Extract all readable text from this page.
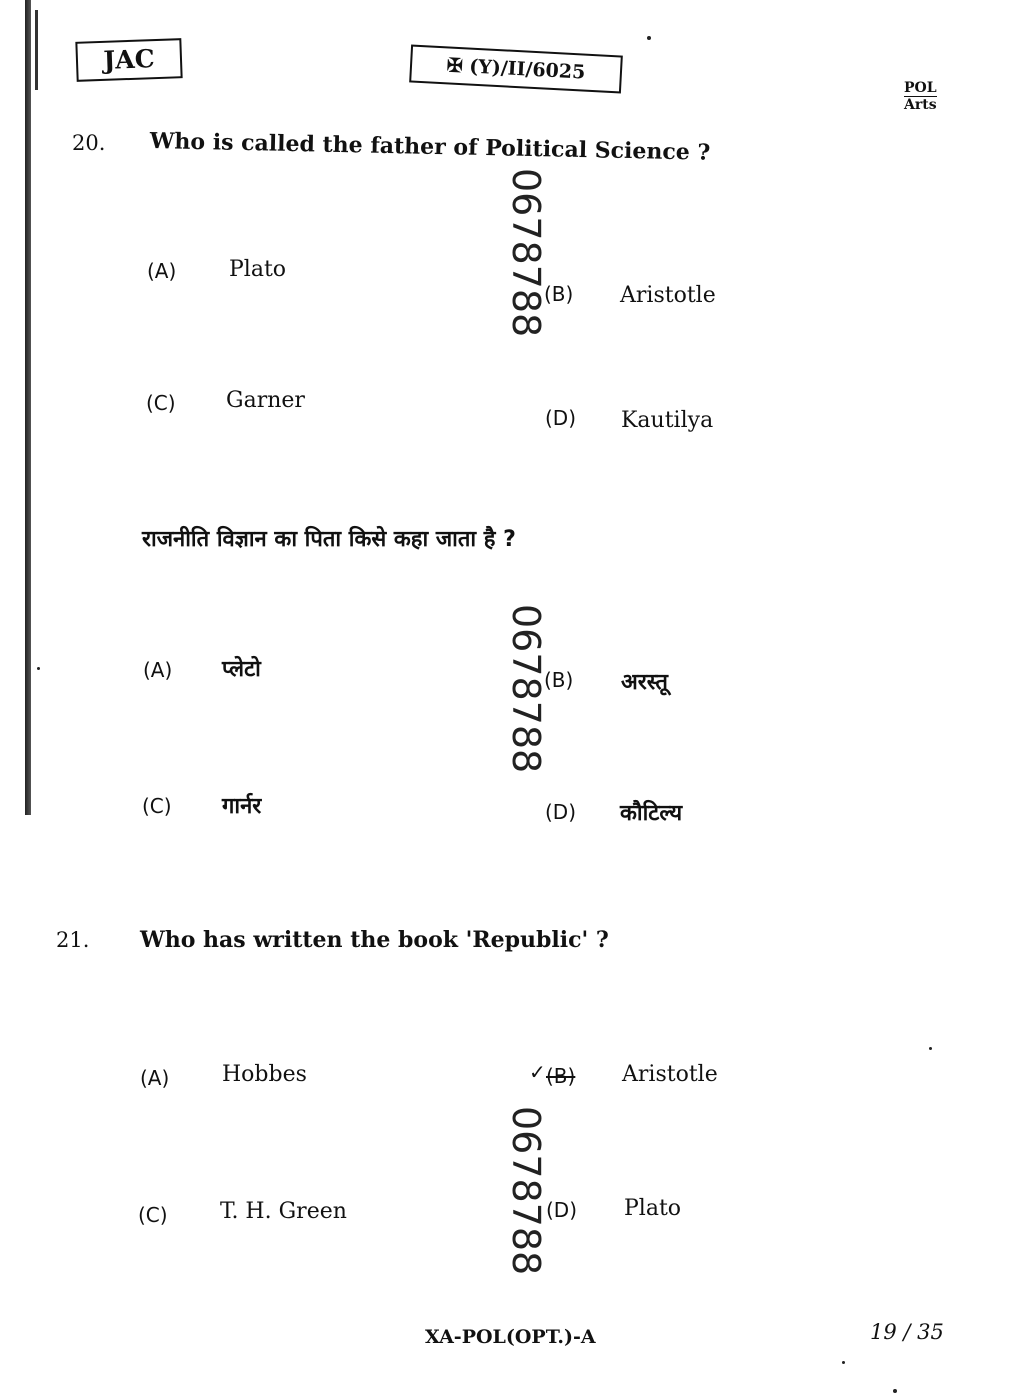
JAC	✠ (Y)/II/6025
POL
Arts
20. Who is called the father of Political Science ?
(A) Plato
(B) Aristotle
(C) Garner
(D) Kautilya
0678788
राजनीति विज्ञान का पिता किसे कहा जाता है ?
(A) प्लेटो	(B) अरस्तू
(C) गार्नर	(D) कौटिल्य
0678788
21. Who has written the book 'Republic' ?
(A) Hobbes	✓ (B) Aristotle
(C) T. H. Green	(D) Plato
0678788
XA-POL(OPT.)-A	19 / 35
